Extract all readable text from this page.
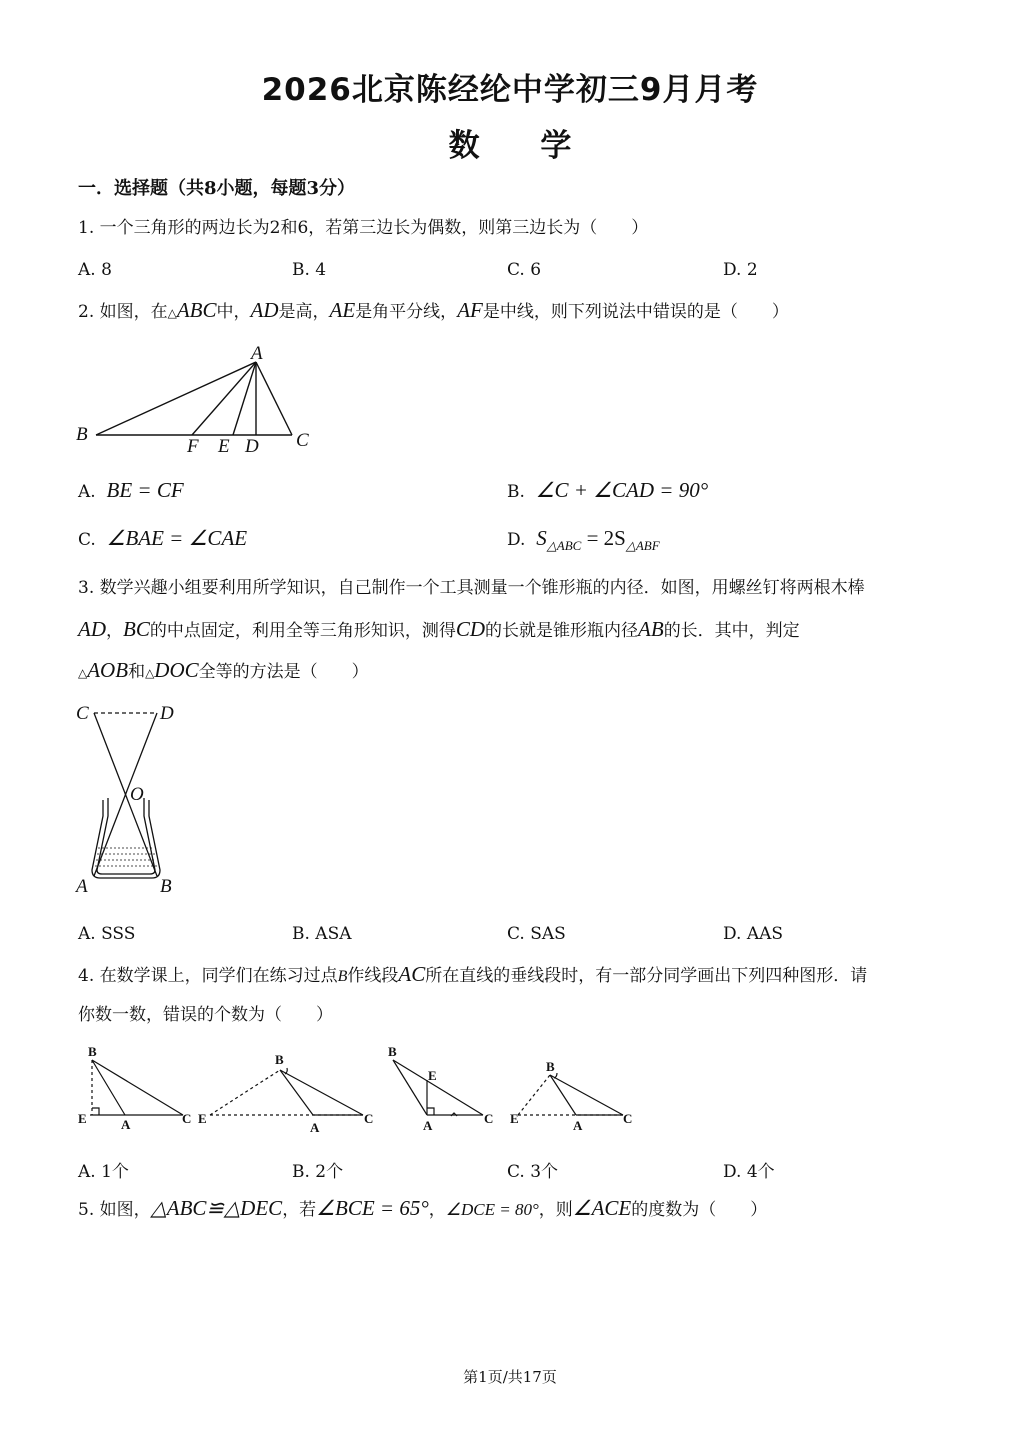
2026北京陈经纶中学初三9月月考
数 学
一．选择题（共8小题，每题3分）
1. 一个三角形的两边长为2和6，若第三边长为偶数，则第三边长为（　　）
A. 8	B. 4	C. 6	D. 2
2. 如图，在△ABC中，AD是高，AE是角平分线，AF是中线，则下列说法中错误的是（　　）
A
B	C
D
E
F
A. BE = CF	B. ∠C + ∠CAD = 90°
C. ∠BAE = ∠CAE	D. $S_{\triangle ABC} = 2S_{\triangle ABF}$
3. 数学兴趣小组要利用所学知识，自己制作一个工具测量一个锥形瓶的内径．如图，用螺丝钉将两根木棒
AD，BC的中点固定，利用全等三角形知识，测得CD的长就是锥形瓶内径AB的长．其中，判定
△AOB和△DOC全等的方法是（　　）
C	D
O
A	B
A. SSS	B. ASA	C. SAS	D. AAS
4. 在数学课上，同学们在练习过点B作线段AC所在直线的垂线段时，有一部分同学画出下列四种图形．请
你数一数，错误的个数为（　　）
B
E	A	C
B
E
A
C
B
E
A	C
B
E	A	C
A. 1个	B. 2个	C. 3个	D. 4个
5. 如图，△ABC≌△DEC，若∠BCE = 65°，∠DCE = 80°，则∠ACE的度数为（　　）
第1页/共17页
